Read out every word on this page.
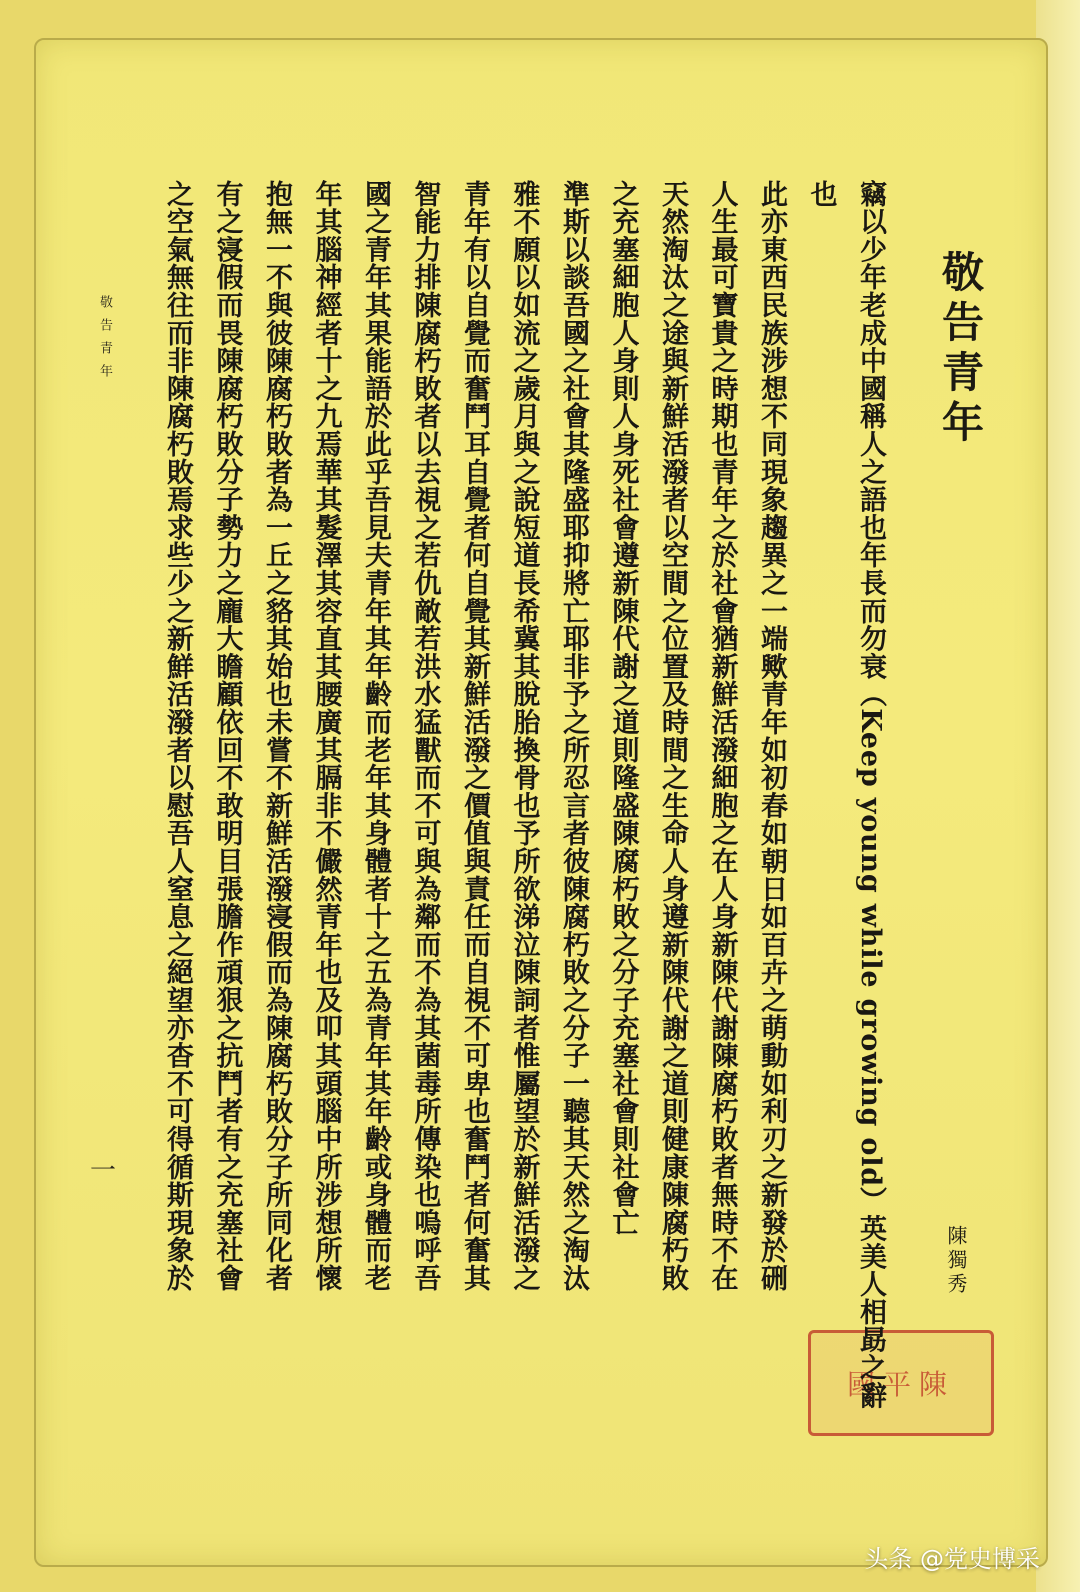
敬告青年
陳獨秀
國平陳

竊以少年老成中國稱人之語也年長而勿衰（Keep young while growing old）英美人相勗之辭也

此亦東西民族涉想不同現象趨異之一端歟青年如初春如朝日如百卉之萌動如利刃之新發於硎

人生最可寶貴之時期也青年之於社會猶新鮮活潑細胞之在人身新陳代謝陳腐朽敗者無時不在

天然淘汰之途與新鮮活潑者以空間之位置及時間之生命人身遵新陳代謝之道則健康陳腐朽敗

之充塞細胞人身則人身死社會遵新陳代謝之道則隆盛陳腐朽敗之分子充塞社會則社會亡

準斯以談吾國之社會其隆盛耶抑將亡耶非予之所忍言者彼陳腐朽敗之分子一聽其天然之淘汰

雅不願以如流之歲月與之說短道長希冀其脫胎換骨也予所欲涕泣陳詞者惟屬望於新鮮活潑之

青年有以自覺而奮鬥耳自覺者何自覺其新鮮活潑之價值與責任而自視不可卑也奮鬥者何奮其

智能力排陳腐朽敗者以去視之若仇敵若洪水猛獸而不可與為鄰而不為其菌毒所傳染也嗚呼吾

國之青年其果能語於此乎吾見夫青年其年齡而老年其身體者十之五為青年其年齡或身體而老

年其腦神經者十之九焉華其髮澤其容直其腰廣其膈非不儼然青年也及叩其頭腦中所涉想所懷

抱無一不與彼陳腐朽敗者為一丘之貉其始也未嘗不新鮮活潑寖假而為陳腐朽敗分子所同化者

有之寖假而畏陳腐朽敗分子勢力之龐大瞻顧依回不敢明目張膽作頑狠之抗鬥者有之充塞社會

之空氣無往而非陳腐朽敗焉求些少之新鮮活潑者以慰吾人窒息之絕望亦杳不可得循斯現象於

敬告青年
一
头条 @党史博采
